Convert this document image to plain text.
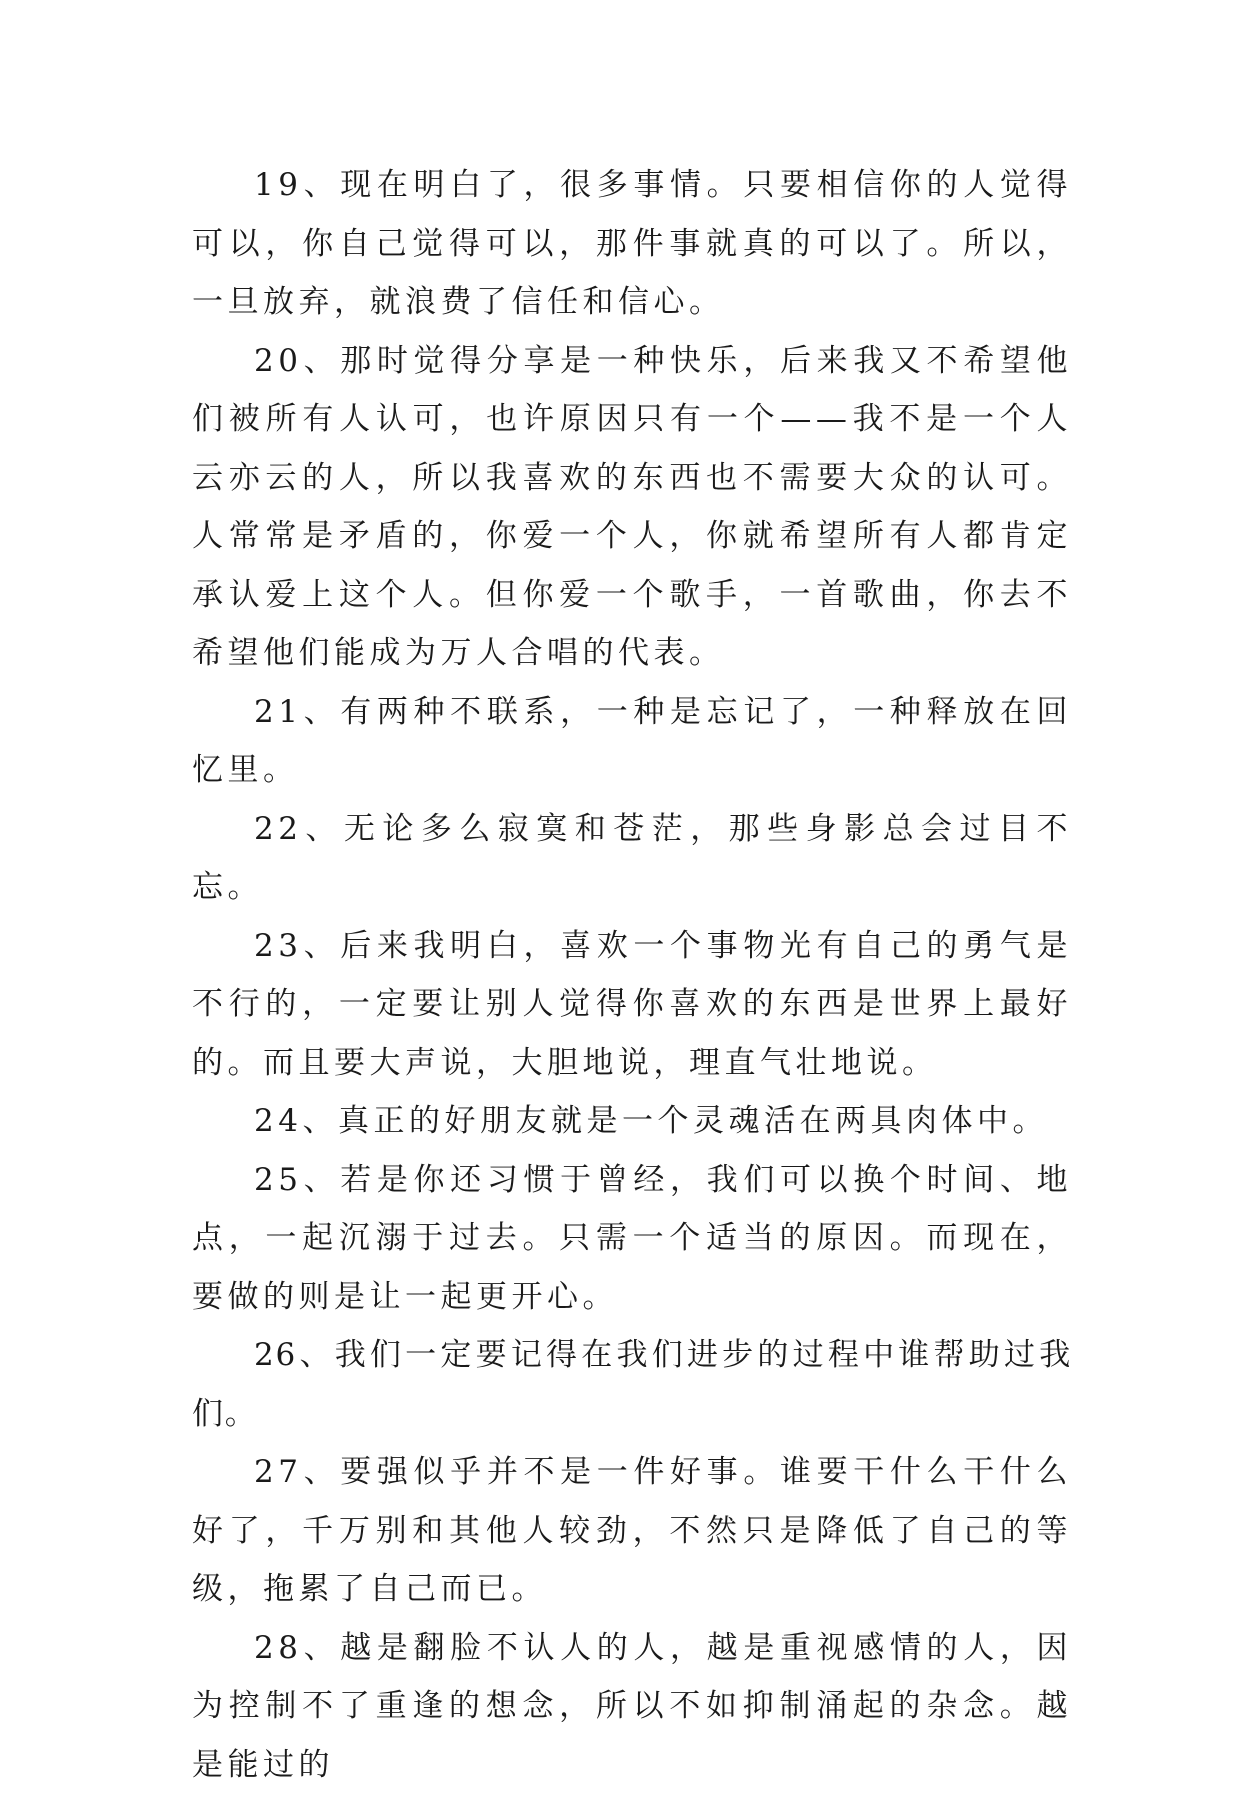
19、现在明白了，很多事情。只要相信你的人觉得可以，你自己觉得可以，那件事就真的可以了。所以，一旦放弃，就浪费了信任和信心。

20、那时觉得分享是一种快乐，后来我又不希望他们被所有人认可，也许原因只有一个——我不是一个人云亦云的人，所以我喜欢的东西也不需要大众的认可。人常常是矛盾的，你爱一个人，你就希望所有人都肯定承认爱上这个人。但你爱一个歌手，一首歌曲，你去不希望他们能成为万人合唱的代表。

21、有两种不联系，一种是忘记了，一种释放在回忆里。

22、无论多么寂寞和苍茫，那些身影总会过目不忘。

23、后来我明白，喜欢一个事物光有自己的勇气是不行的，一定要让别人觉得你喜欢的东西是世界上最好的。而且要大声说，大胆地说，理直气壮地说。

24、真正的好朋友就是一个灵魂活在两具肉体中。

25、若是你还习惯于曾经，我们可以换个时间、地点，一起沉溺于过去。只需一个适当的原因。而现在，要做的则是让一起更开心。

26、我们一定要记得在我们进步的过程中谁帮助过我们。

27、要强似乎并不是一件好事。谁要干什么干什么好了，千万别和其他人较劲，不然只是降低了自己的等级，拖累了自己而已。

28、越是翻脸不认人的人，越是重视感情的人，因为控制不了重逢的想念，所以不如抑制涌起的杂念。越是能过的
